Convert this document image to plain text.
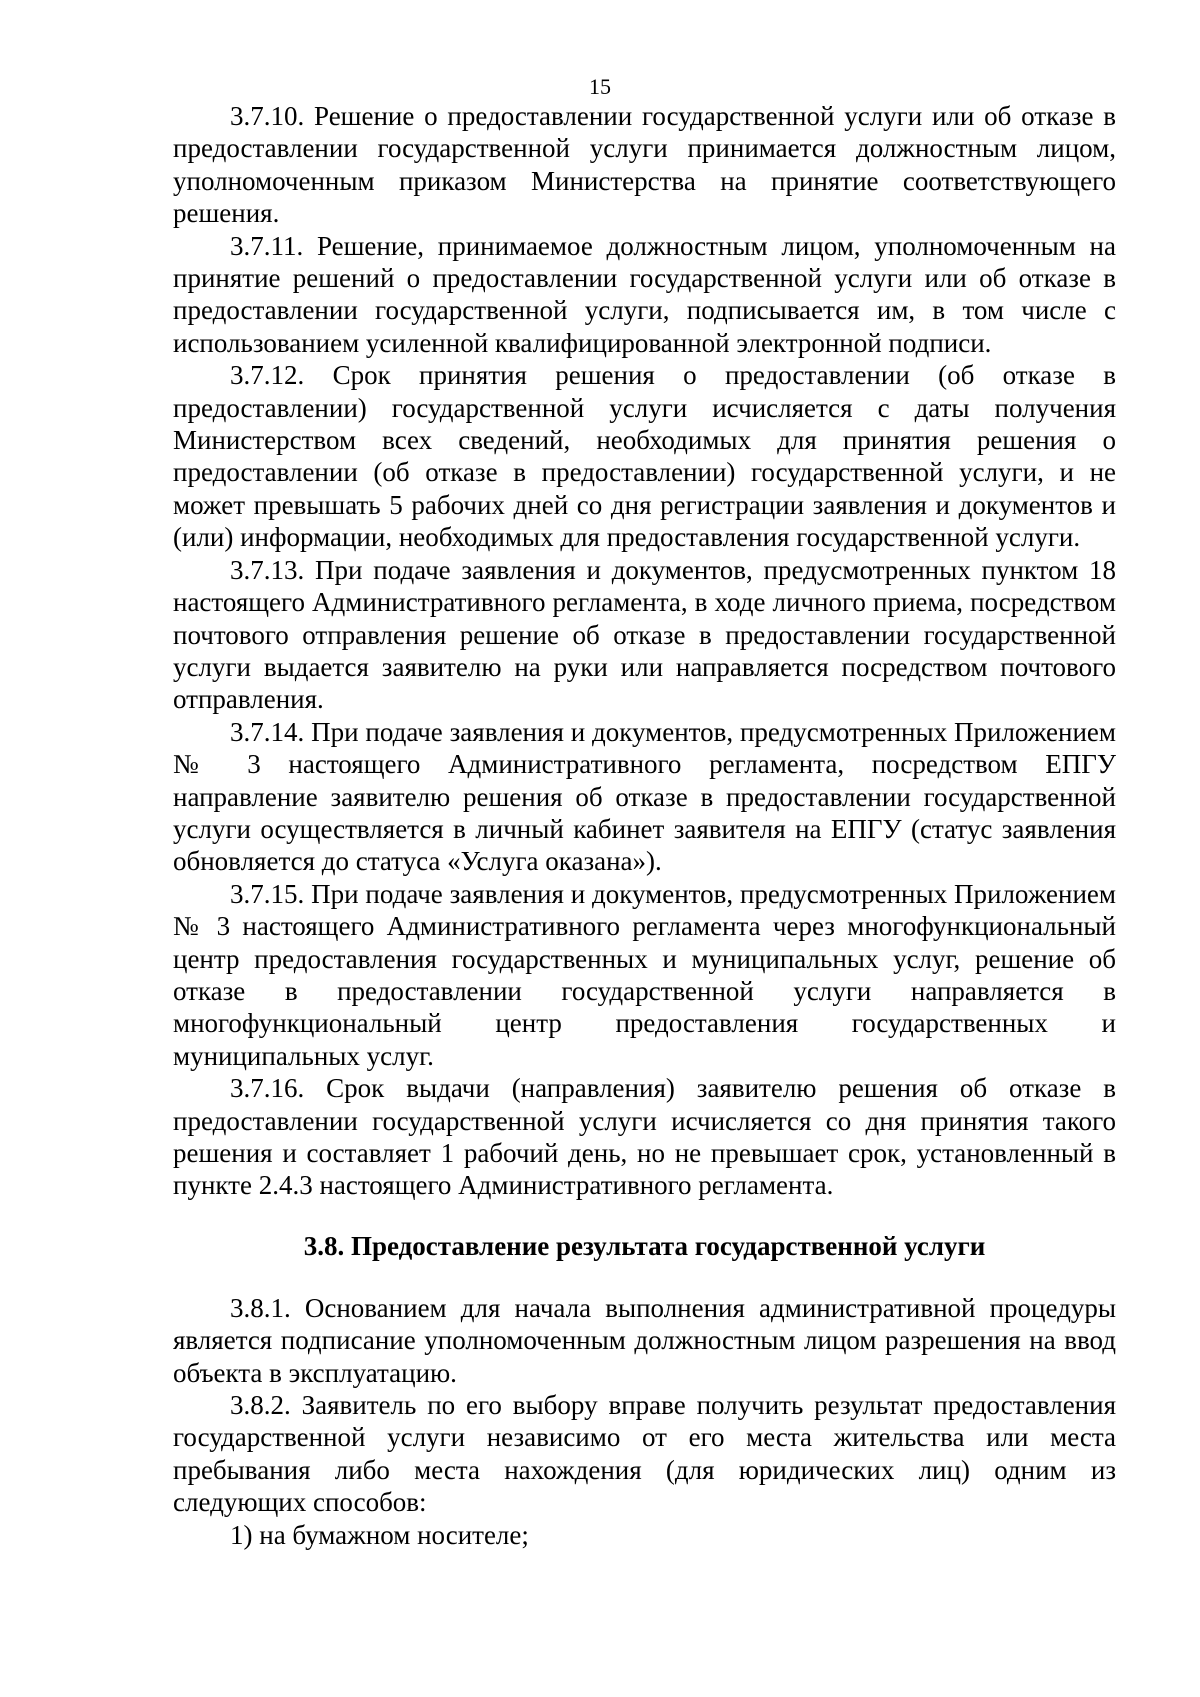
15

3.7.10. Решение о предоставлении государственной услуги или об отказе в предоставлении государственной услуги принимается должностным лицом, уполномоченным приказом Министерства на принятие соответствующего решения.

3.7.11. Решение, принимаемое должностным лицом, уполномоченным на принятие решений о предоставлении государственной услуги или об отказе в предоставлении государственной услуги, подписывается им, в том числе с использованием усиленной квалифицированной электронной подписи.

3.7.12. Срок принятия решения о предоставлении (об отказе в предоставлении) государственной услуги исчисляется с даты получения Министерством всех сведений, необходимых для принятия решения о предоставлении (об отказе в предоставлении) государственной услуги, и не может превышать 5 рабочих дней со дня регистрации заявления и документов и (или) информации, необходимых для предоставления государственной услуги.

3.7.13. При подаче заявления и документов, предусмотренных пунктом 18 настоящего Административного регламента, в ходе личного приема, посредством почтового отправления решение об отказе в предоставлении государственной услуги выдается заявителю на руки или направляется посредством почтового отправления.

3.7.14. При подаче заявления и документов, предусмотренных Приложением № 3 настоящего Административного регламента, посредством ЕПГУ направление заявителю решения об отказе в предоставлении государственной услуги осуществляется в личный кабинет заявителя на ЕПГУ (статус заявления обновляется до статуса «Услуга оказана»).

3.7.15. При подаче заявления и документов, предусмотренных Приложением № 3 настоящего Административного регламента через многофункциональный центр предоставления государственных и муниципальных услуг, решение об отказе в предоставлении государственной услуги направляется в многофункциональный центр предоставления государственных и муниципальных услуг.

3.7.16. Срок выдачи (направления) заявителю решения об отказе в предоставлении государственной услуги исчисляется со дня принятия такого решения и составляет 1 рабочий день, но не превышает срок, установленный в пункте 2.4.3 настоящего Административного регламента.

3.8. Предоставление результата государственной услуги

3.8.1. Основанием для начала выполнения административной процедуры является подписание уполномоченным должностным лицом разрешения на ввод объекта в эксплуатацию.

3.8.2. Заявитель по его выбору вправе получить результат предоставления государственной услуги независимо от его места жительства или места пребывания либо места нахождения (для юридических лиц) одним из следующих способов:

1) на бумажном носителе;
